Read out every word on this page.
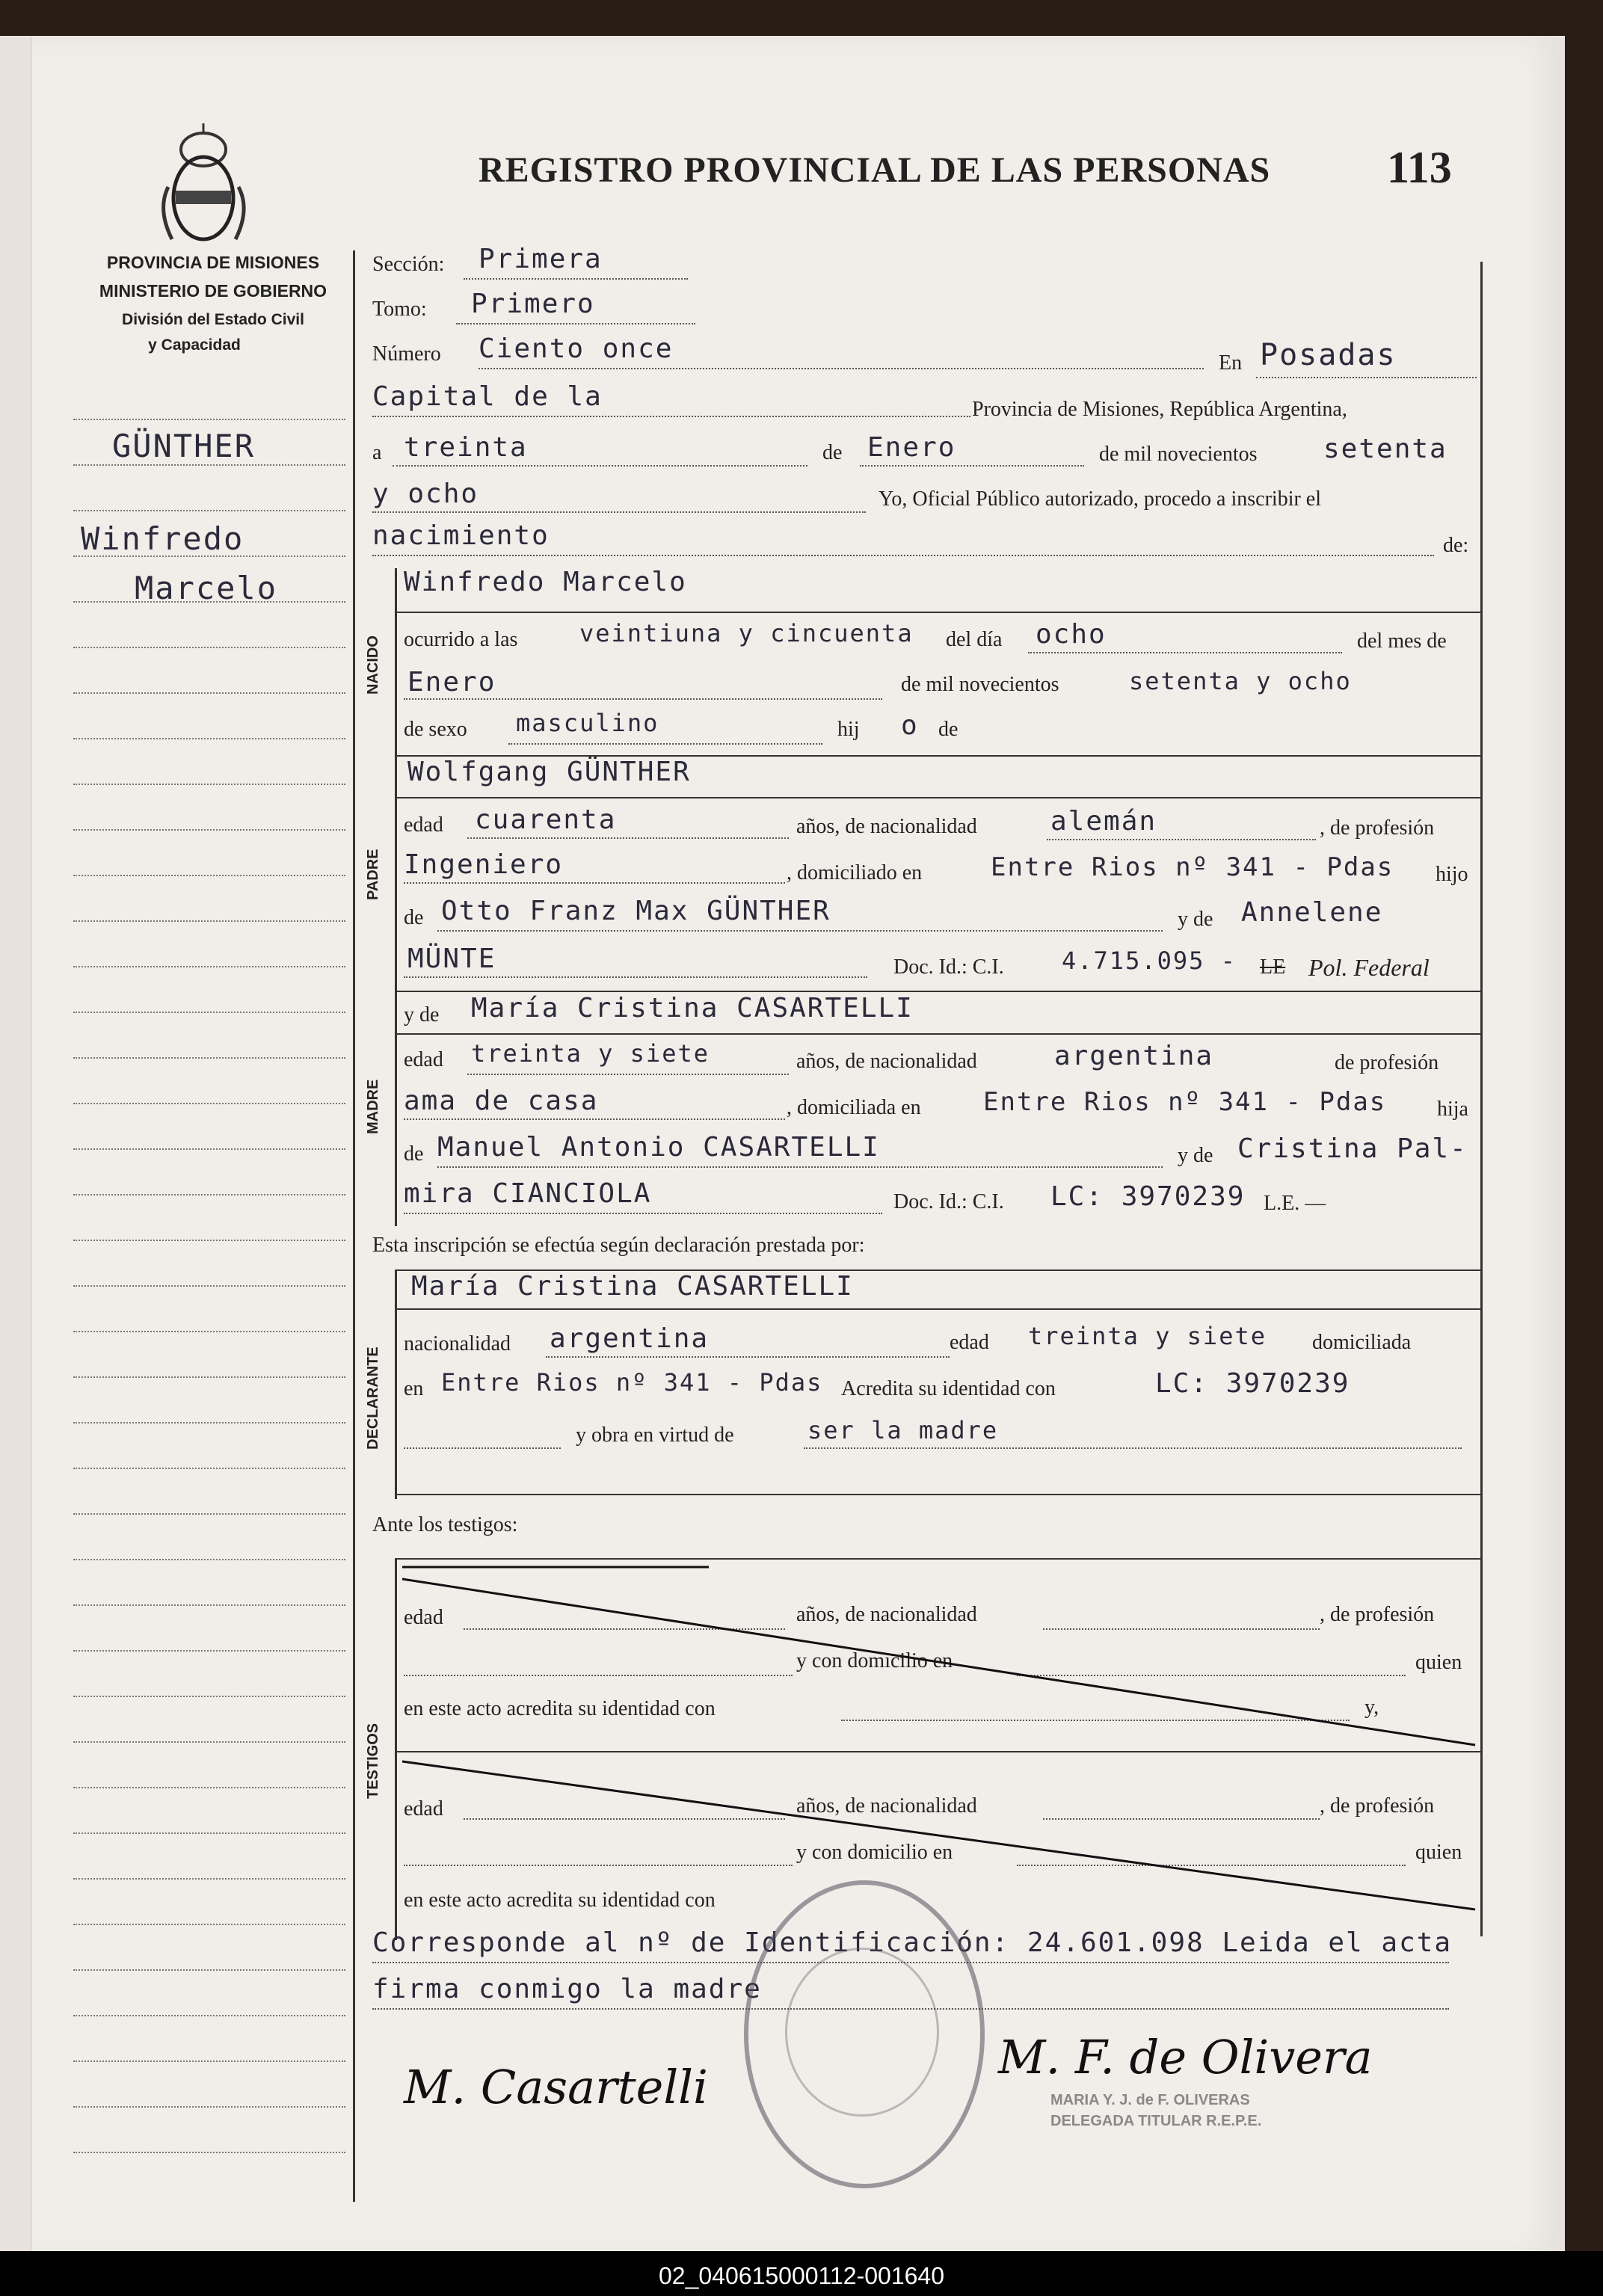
REGISTRO PROVINCIAL DE LAS PERSONAS	113
PROVINCIA DE MISIONES
MINISTERIO DE GOBIERNO
División del Estado Civil
y Capacidad
GÜNTHER
Winfredo
Marcelo
NACIDO
PADRE
MADRE
DECLARANTE
TESTIGOS
Sección: Primera
Tomo: Primero
Número Ciento once	En Posadas
Capital de la	Provincia de Misiones, República Argentina,
a treinta	de Enero	de mil novecientos setenta
y ocho	Yo, Oficial Público autorizado, procedo a inscribir el
nacimiento	de:
Winfredo Marcelo
ocurrido a las	veintiuna y cincuenta del día ocho	del mes de
Enero	de mil novecientos	setenta y ocho
de sexo masculino	hij o de
Wolfgang GÜNTHER
edad cuarenta	años, de nacionalidad	alemán	, de profesión
Ingeniero	, domiciliado en	Entre Rios nº 341 - Pdas hijo
de Otto Franz Max GÜNTHER	y de Annelene
MÜNTE	Doc. Id.: C.I. 4.715.095 - LE Pol. Federal
y de María Cristina CASARTELLI
edad treinta y siete	años, de nacionalidad	argentina	de profesión
ama de casa	, domiciliada en Entre Rios nº 341 - Pdas hija
de Manuel Antonio CASARTELLI	y de Cristina Pal-
mira CIANCIOLA	Doc. Id.: C.I. LC: 3970239 L.E. —
Esta inscripción se efectúa según declaración prestada por:
María Cristina CASARTELLI
nacionalidad argentina	edad treinta y siete domiciliada
en Entre Rios nº 341 - Pdas Acredita su identidad con	LC: 3970239
y obra en virtud de	ser la madre
Ante los testigos:
edad	años, de nacionalidad	, de profesión
y con domicilio en	quien
en este acto acredita su identidad con	y,
edad	años, de nacionalidad	, de profesión
y con domicilio en	quien
en este acto acredita su identidad con
Corresponde al nº de Identificación: 24.601.098 Leida el acta
firma conmigo la madre
M. Casartelli
M. F. de Olivera
MARIA Y. J. de F. OLIVERAS
DELEGADA TITULAR R.E.P.E.
02_040615000112-001640
